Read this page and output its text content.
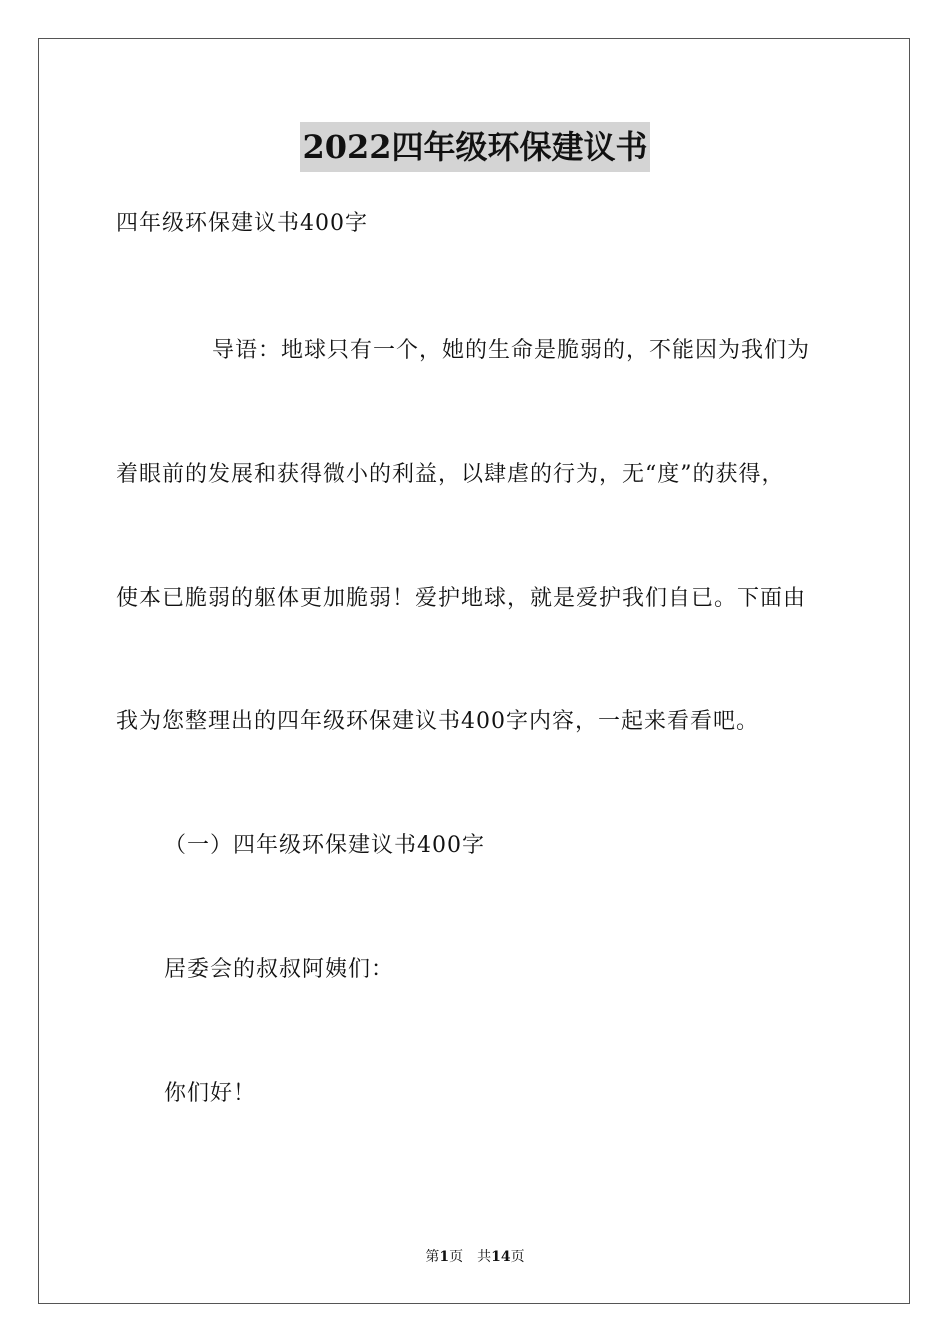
2022四年级环保建议书
四年级环保建议书400字
导语：地球只有一个，她的生命是脆弱的，不能因为我们为
着眼前的发展和获得微小的利益，以肆虐的行为，无“度”的获得，
使本已脆弱的躯体更加脆弱！爱护地球，就是爱护我们自已。下面由
我为您整理出的四年级环保建议书400字内容，一起来看看吧。
（一）四年级环保建议书400字
居委会的叔叔阿姨们：
你们好！
第1页 共14页
